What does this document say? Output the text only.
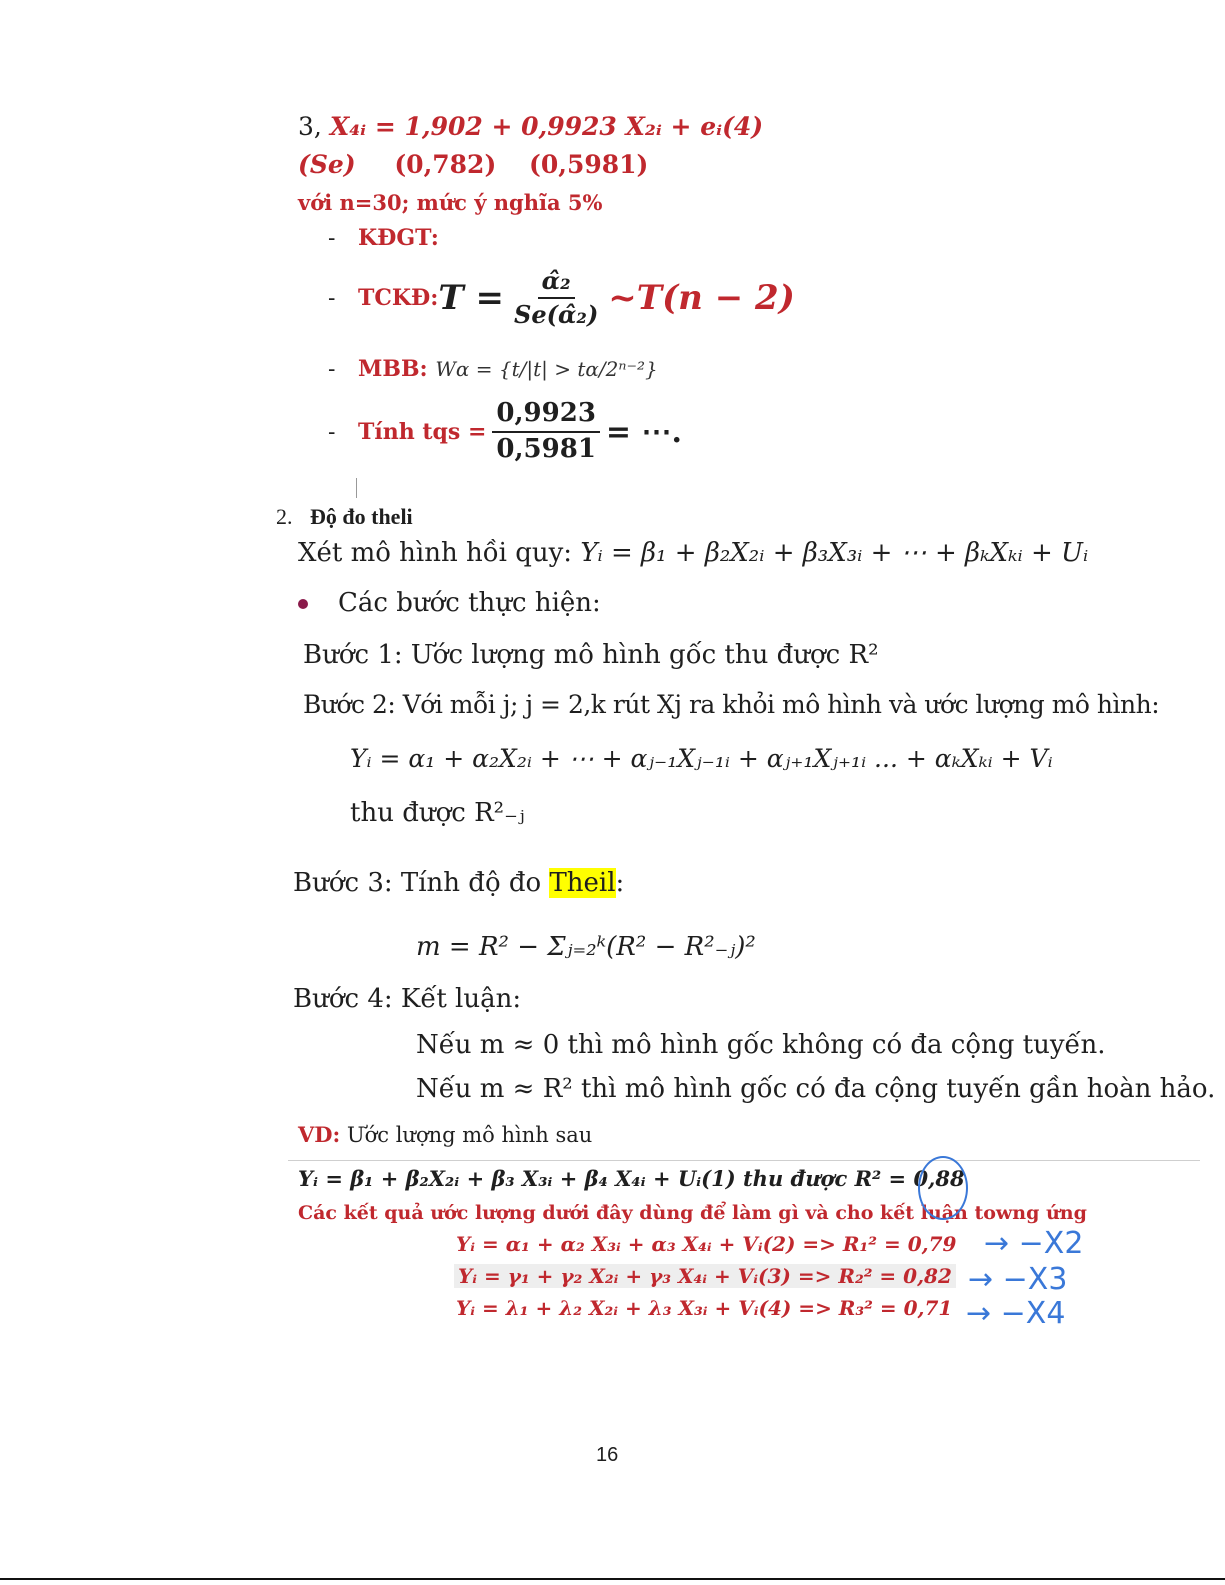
3, X₄ᵢ = 1,902 + 0,9923 X₂ᵢ + eᵢ(4)
(Se) (0,782) (0,5981)
với n=30; mức ý nghĩa 5%
- KĐGT:
-	TCKĐ: $T = \frac{\text{α̂₂}}{\text{Se(α̂₂)}}$ ~T(n − 2)
- MBB: Wα = {t/|t| > tα/2ⁿ⁻²}
-	Tính tqs = $\frac{0,9923}{0,5981}$ = ⋯.
2. Độ đo theli
Xét mô hình hồi quy: Yᵢ = β₁ + β₂X₂ᵢ + β₃X₃ᵢ + ⋯ + βₖXₖᵢ + Uᵢ
Các bước thực hiện:
Bước 1: Ước lượng mô hình gốc thu được R²
Bước 2: Với mỗi j; j = 2,k rút Xj ra khỏi mô hình và ước lượng mô hình:
Yᵢ = α₁ + α₂X₂ᵢ + ⋯ + αⱼ₋₁Xⱼ₋₁ᵢ + αⱼ₊₁Xⱼ₊₁ᵢ ... + αₖXₖᵢ + Vᵢ
thu được R²₋ⱼ
Bước 3: Tính độ đo Theil:
m = R² − Σⱼ₌₂ᵏ(R² − R²₋ⱼ)²
Bước 4: Kết luận:
Nếu m ≈ 0 thì mô hình gốc không có đa cộng tuyến.
Nếu m ≈ R² thì mô hình gốc có đa cộng tuyến gần hoàn hảo.
VD: Ước lượng mô hình sau
Yᵢ = β₁ + β₂X₂ᵢ + β₃ X₃ᵢ + β₄ X₄ᵢ + Uᵢ(1) thu được R² = 0,88
Các kết quả ước lượng dưới đây dùng để làm gì và cho kết luận towng ứng
Yᵢ = α₁ + α₂ X₃ᵢ + α₃ X₄ᵢ + Vᵢ(2) => R₁² = 0,79
Yᵢ = γ₁ + γ₂ X₂ᵢ + γ₃ X₄ᵢ + Vᵢ(3) => R₂² = 0,82
Yᵢ = λ₁ + λ₂ X₂ᵢ + λ₃ X₃ᵢ + Vᵢ(4) => R₃² = 0,71
→ −X2
→ −X3
→ −X4
16
